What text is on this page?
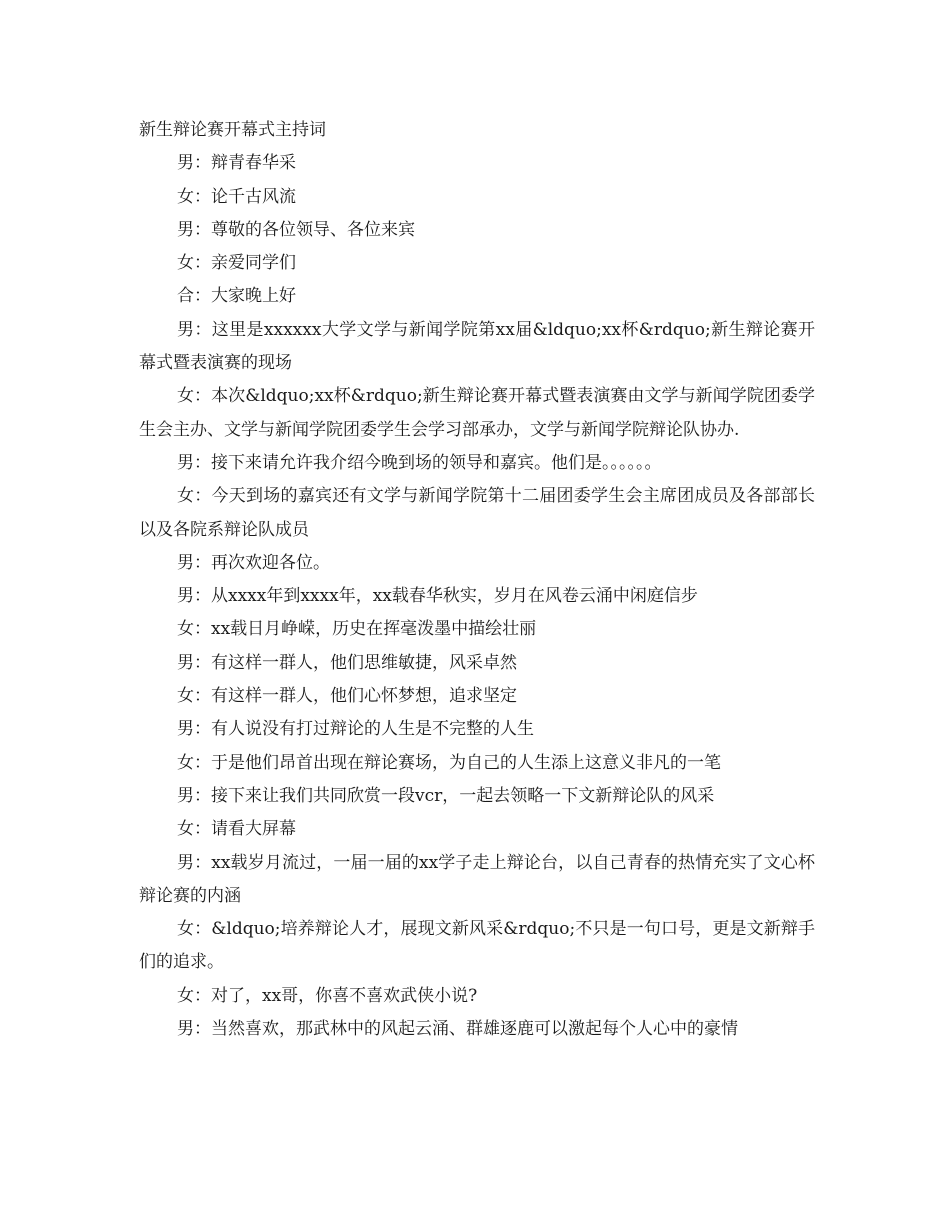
新生辩论赛开幕式主持词

男：辩青春华采

女：论千古风流

男：尊敬的各位领导、各位来宾

女：亲爱同学们

合：大家晚上好

男：这里是xxxxxx大学文学与新闻学院第xx届&ldquo;xx杯&rdquo;新生辩论赛开幕式暨表演赛的现场

女：本次&ldquo;xx杯&rdquo;新生辩论赛开幕式暨表演赛由文学与新闻学院团委学生会主办、文学与新闻学院团委学生会学习部承办，文学与新闻学院辩论队协办.

男：接下来请允许我介绍今晚到场的领导和嘉宾。他们是。。。。。。

女：今天到场的嘉宾还有文学与新闻学院第十二届团委学生会主席团成员及各部部长以及各院系辩论队成员

男：再次欢迎各位。

男：从xxxx年到xxxx年，xx载春华秋实，岁月在风卷云涌中闲庭信步

女：xx载日月峥嵘，历史在挥毫泼墨中描绘壮丽

男：有这样一群人，他们思维敏捷，风采卓然

女：有这样一群人，他们心怀梦想，追求坚定

男：有人说没有打过辩论的人生是不完整的人生

女：于是他们昂首出现在辩论赛场，为自己的人生添上这意义非凡的一笔

男：接下来让我们共同欣赏一段vcr，一起去领略一下文新辩论队的风采

女：请看大屏幕

男：xx载岁月流过，一届一届的xx学子走上辩论台，以自己青春的热情充实了文心杯辩论赛的内涵

女：&ldquo;培养辩论人才，展现文新风采&rdquo;不只是一句口号，更是文新辩手们的追求。

女：对了，xx哥，你喜不喜欢武侠小说?

男：当然喜欢，那武林中的风起云涌、群雄逐鹿可以激起每个人心中的豪情
